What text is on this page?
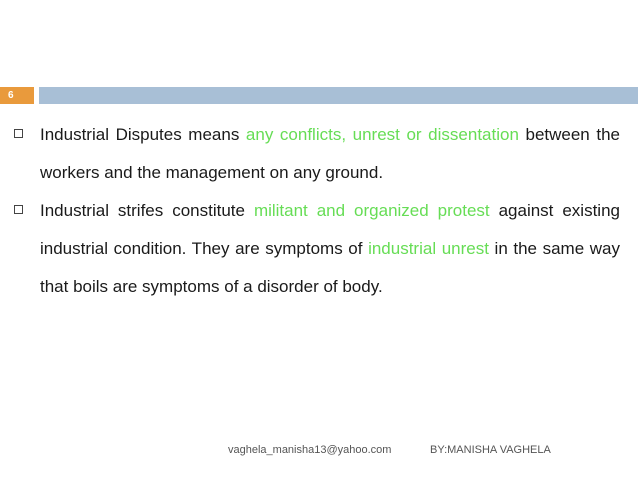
6
Industrial Disputes means any conflicts, unrest or dissentation between the workers and the management on any ground.
Industrial strifes constitute militant and organized protest against existing industrial condition. They are symptoms of industrial unrest in the same way that boils are symptoms of a disorder of body.
vaghela_manisha13@yahoo.com	BY:MANISHA VAGHELA
